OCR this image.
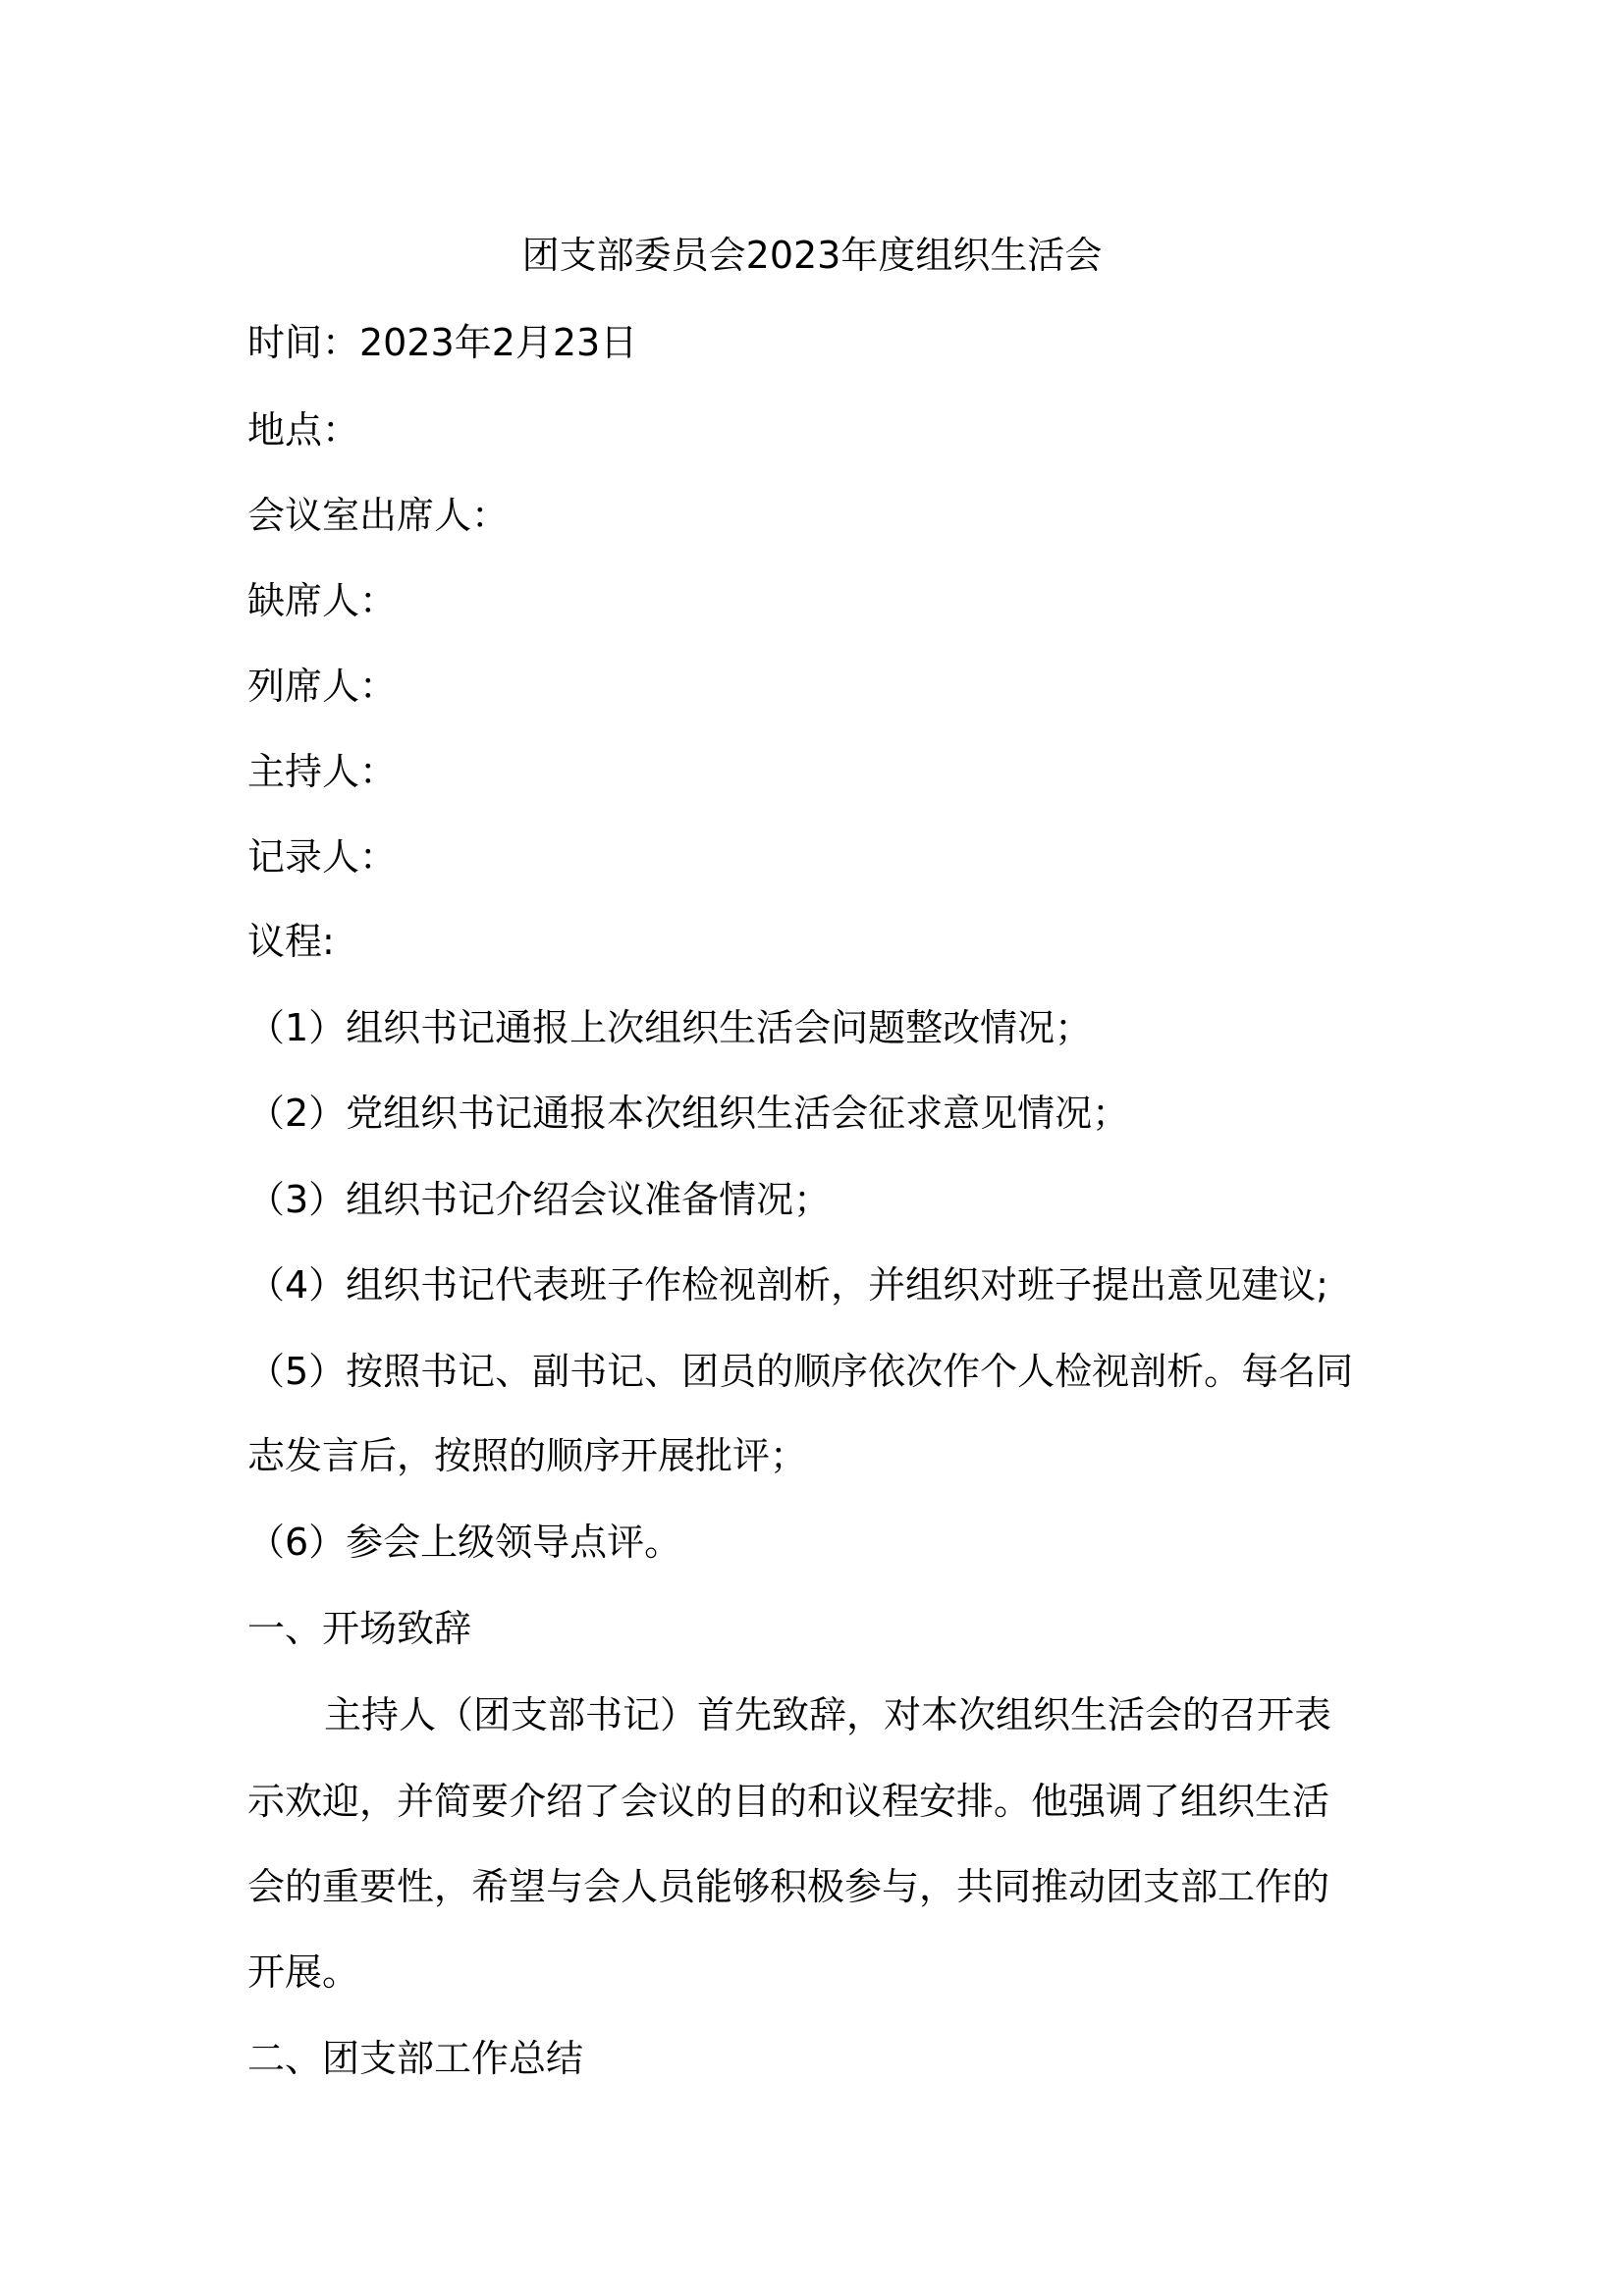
团支部委员会2023年度组织生活会
时间：2023年2月23日
地点：
会议室出席人：
缺席人：
列席人：
主持人：
记录人：
议程:
（1）组织书记通报上次组织生活会问题整改情况；
（2）党组织书记通报本次组织生活会征求意见情况；
（3）组织书记介绍会议准备情况；
（4）组织书记代表班子作检视剖析，并组织对班子提出意见建议;
（5）按照书记、副书记、团员的顺序依次作个人检视剖析。每名同
志发言后，按照的顺序开展批评；
（6）参会上级领导点评。
一、开场致辞
主持人（团支部书记）首先致辞，对本次组织生活会的召开表
示欢迎，并简要介绍了会议的目的和议程安排。他强调了组织生活
会的重要性，希望与会人员能够积极参与，共同推动团支部工作的
开展。
二、团支部工作总结
